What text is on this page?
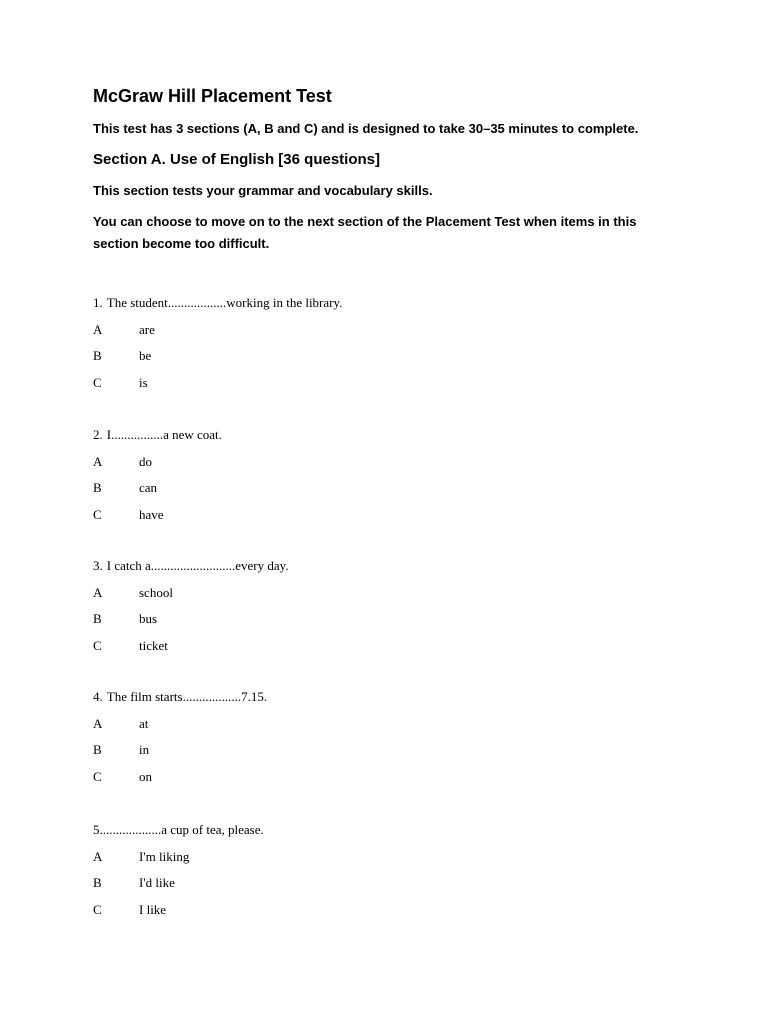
McGraw Hill Placement Test

This test has 3 sections (A, B and C) and is designed to take 30–35 minutes to complete.

Section A. Use of English [36 questions]

This section tests your grammar and vocabulary skills.

You can choose to move on to the next section of the Placement Test when items in this section become too difficult.

1. The student..................working in the library.

A	are
B	be
C	is

2. I................a new coat.

A	do
B	can
C	have

3. I catch a..........................every day.

A	school
B	bus
C	ticket

4. The film starts..................7.15.

A	at
B	in
C	on

5...................a cup of tea, please.

A	I'm liking
B	I'd like
C	I like
